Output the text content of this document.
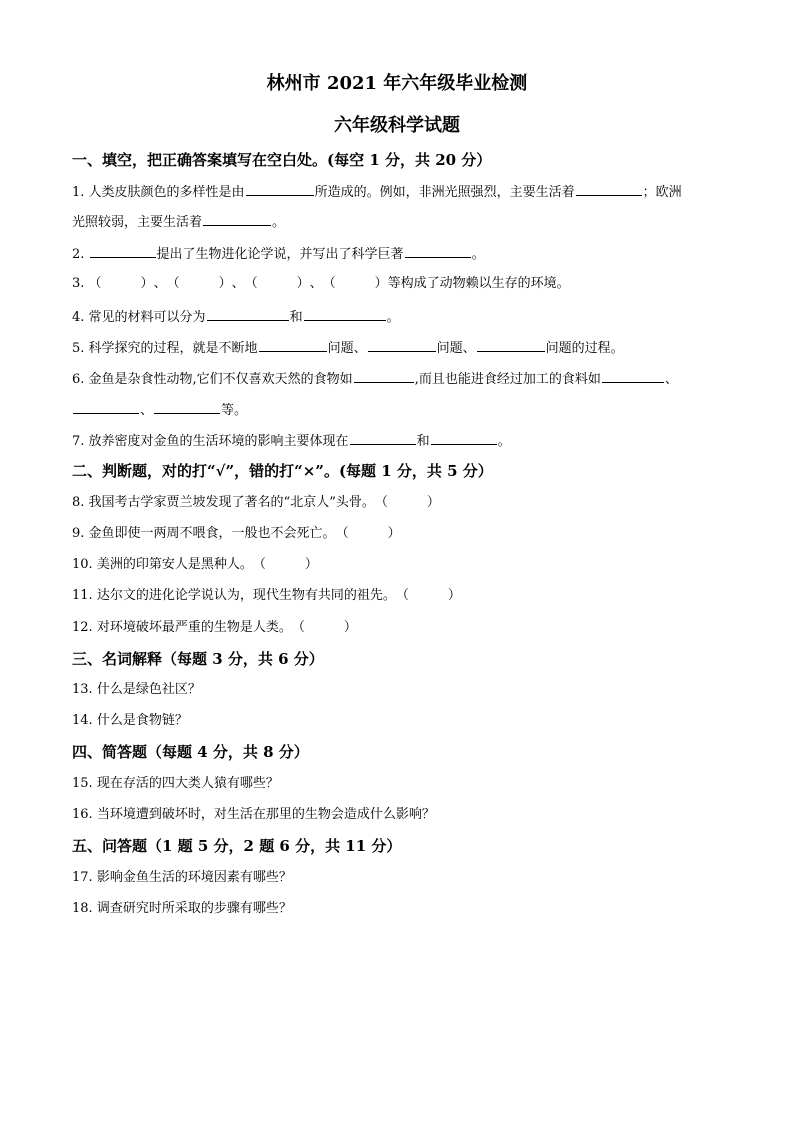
林州市 2021 年六年级毕业检测
六年级科学试题
一、填空，把正确答案填写在空白处。(每空 1 分，共 20 分）
1. 人类皮肤颜色的多样性是由	所造成的。例如，非洲光照强烈，主要生活着	；欧洲
光照较弱，主要生活着	。
2.	提出了生物进化论学说，并写出了科学巨著	。
3. （　　　）、（　　　）、（　　　）、（　　　）等构成了动物赖以生存的环境。
4. 常见的材料可以分为	和	。
5. 科学探究的过程，就是不断地	问题、	问题、	问题的过程。
6. 金鱼是杂食性动物,它们不仅喜欢天然的食物如	,而且也能进食经过加工的食料如	、
、	等。
7. 放养密度对金鱼的生活环境的影响主要体现在	和	。
二、判断题，对的打“√”，错的打“×”。(每题 1 分，共 5 分）
8. 我国考古学家贾兰坡发现了著名的“北京人”头骨。（　　　）
9. 金鱼即使一两周不喂食，一般也不会死亡。（　　　）
10. 美洲的印第安人是黑种人。（　　　）
11. 达尔文的进化论学说认为，现代生物有共同的祖先。（　　　）
12. 对环境破坏最严重的生物是人类。（　　　）
三、名词解释（每题 3 分，共 6 分）
13. 什么是绿色社区？
14. 什么是食物链？
四、简答题（每题 4 分，共 8 分）
15. 现在存活的四大类人猿有哪些？
16. 当环境遭到破坏时，对生活在那里的生物会造成什么影响？
五、问答题（1 题 5 分，2 题 6 分，共 11 分）
17. 影响金鱼生活的环境因素有哪些？
18. 调查研究时所采取的步骤有哪些？
